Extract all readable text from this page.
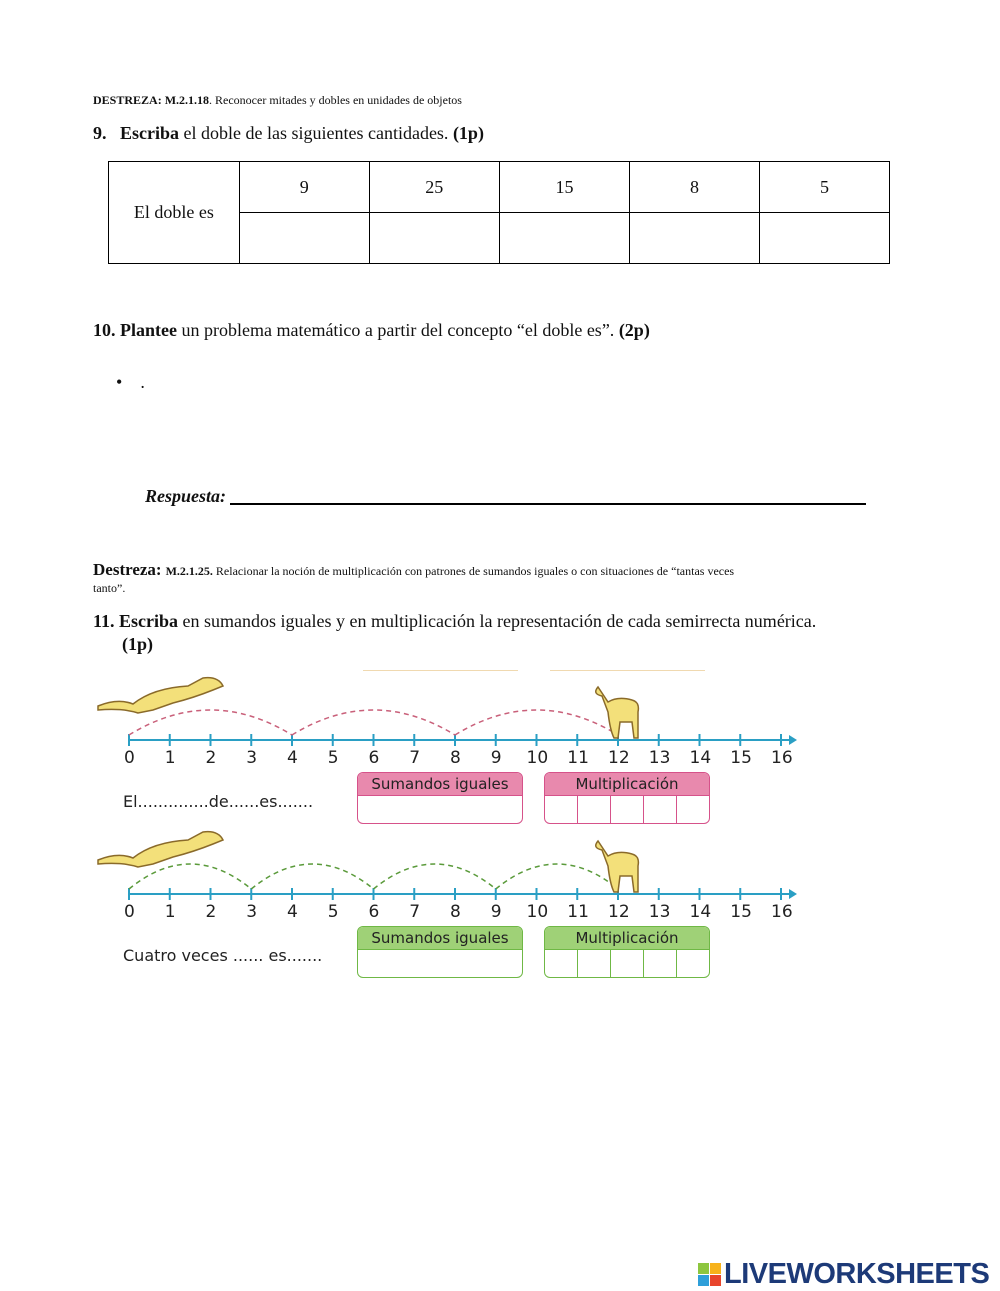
DESTREZA: M.2.1.18. Reconocer mitades y dobles en unidades de objetos
9. Escriba el doble de las siguientes cantidades. (1p)
El doble es	9	25	15	8	5

10. Plantee un problema matemático a partir del concepto “el doble es”. (2p)
•    .
Respuesta:
Destreza: M.2.1.25. Relacionar la noción de multiplicación con patrones de sumandos iguales o con situaciones de “tantas veces
tanto”.
11. Escriba en sumandos iguales y en multiplicación la representación de cada semirrecta numérica.
(1p)
0 1 2 3 4 5 6 7 8 9 10 11 12 13 14 15 16
El..............de......es.......
Sumandos iguales	Multiplicación
0 1 2 3 4 5 6 7 8 9 10 11 12 13 14 15 16
Cuatro veces ...... es.......
Sumandos iguales	Multiplicación
LIVEWORKSHEETS
